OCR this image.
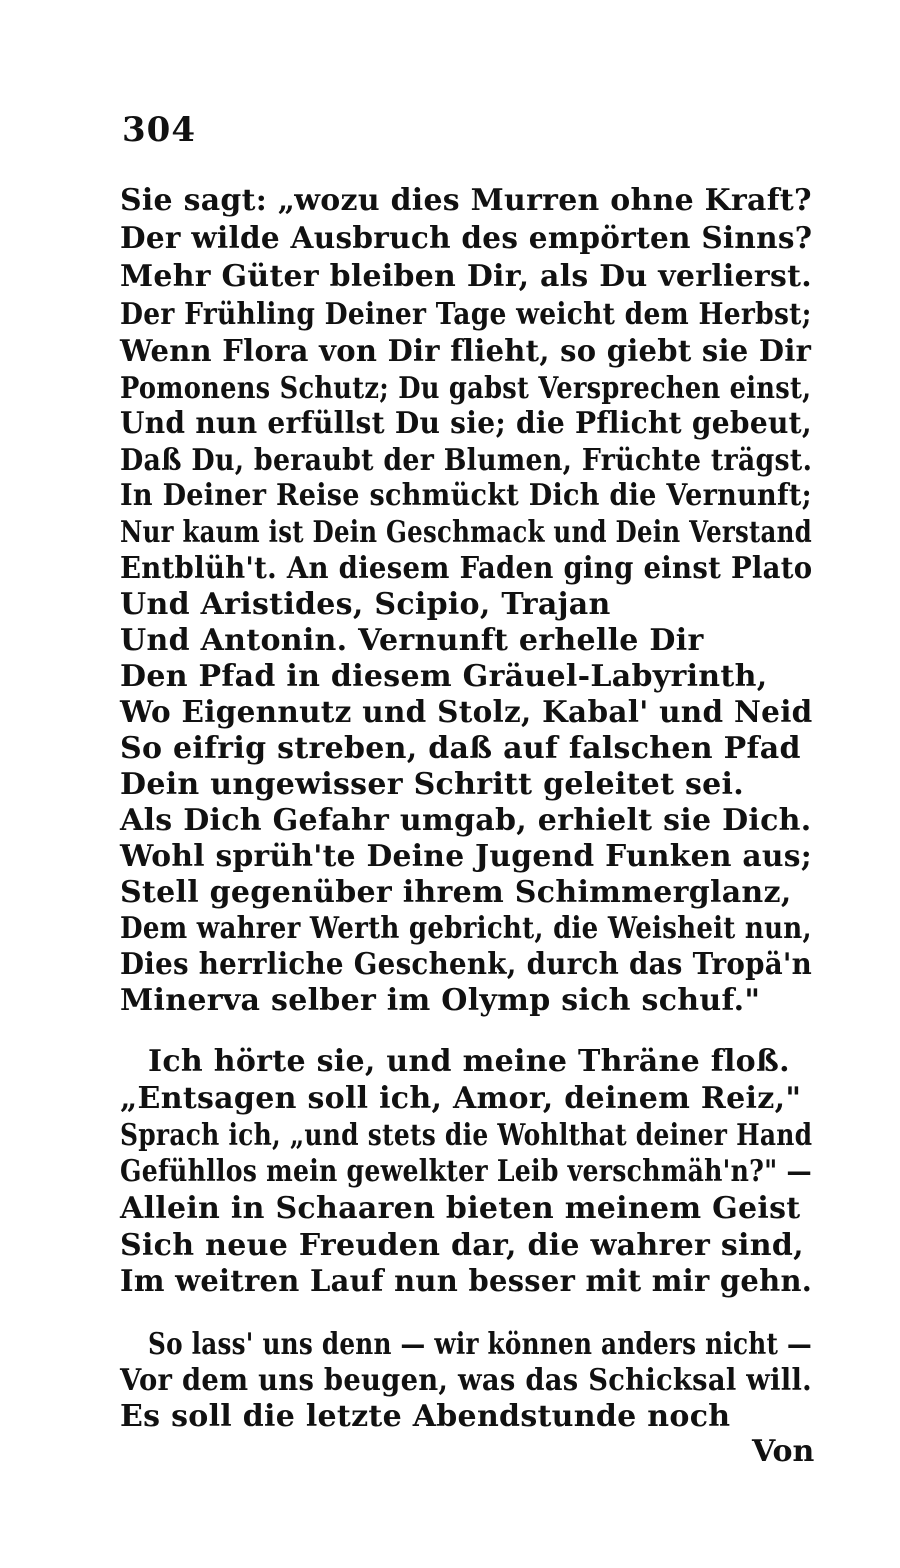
304
Sie sagt: „wozu dies Murren ohne Kraft?
Der wilde Ausbruch des empörten Sinns?
Mehr Güter bleiben Dir, als Du verlierst.
Der Frühling Deiner Tage weicht dem Herbst;
Wenn Flora von Dir flieht, so giebt sie Dir
Pomonens Schutz; Du gabst Versprechen einst,
Und nun erfüllst Du sie; die Pflicht gebeut,
Daß Du, beraubt der Blumen, Früchte trägst.
In Deiner Reise schmückt Dich die Vernunft;
Nur kaum ist Dein Geschmack und Dein Verstand
Entblüh't. An diesem Faden ging einst Plato
Und Aristides, Scipio, Trajan
Und Antonin. Vernunft erhelle Dir
Den Pfad in diesem Gräuel-Labyrinth,
Wo Eigennutz und Stolz, Kabal' und Neid
So eifrig streben, daß auf falschen Pfad
Dein ungewisser Schritt geleitet sei.
Als Dich Gefahr umgab, erhielt sie Dich.
Wohl sprüh'te Deine Jugend Funken aus;
Stell gegenüber ihrem Schimmerglanz,
Dem wahrer Werth gebricht, die Weisheit nun,
Dies herrliche Geschenk, durch das Tropä'n
Minerva selber im Olymp sich schuf."
Ich hörte sie, und meine Thräne floß.
„Entsagen soll ich, Amor, deinem Reiz,"
Sprach ich, „und stets die Wohlthat deiner Hand
Gefühllos mein gewelkter Leib verschmäh'n?" —
Allein in Schaaren bieten meinem Geist
Sich neue Freuden dar, die wahrer sind,
Im weitren Lauf nun besser mit mir gehn.
So lass' uns denn — wir können anders nicht —
Vor dem uns beugen, was das Schicksal will.
Es soll die letzte Abendstunde noch
Von
